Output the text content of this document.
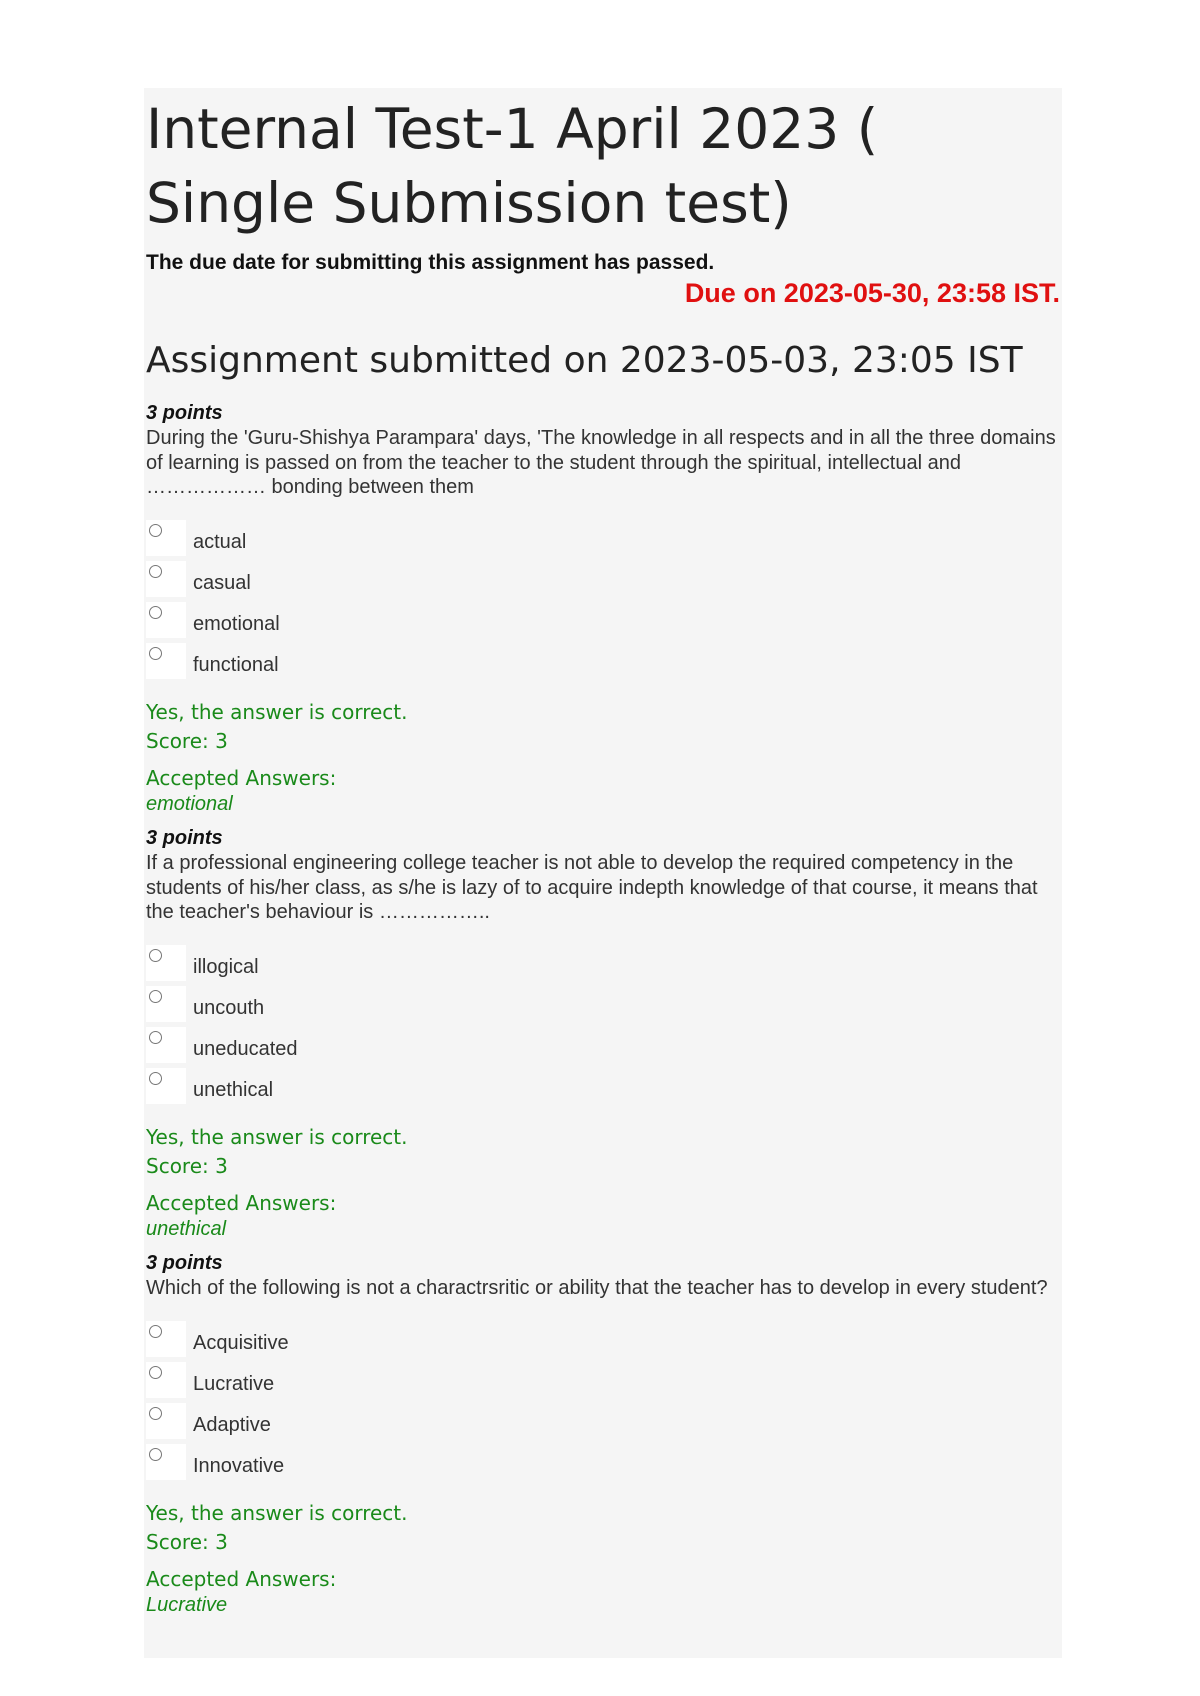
Internal Test-1 April 2023 ( Single Submission test)
The due date for submitting this assignment has passed.
Due on 2023-05-30, 23:58 IST.
Assignment submitted on 2023-05-03, 23:05 IST
3 points
During the 'Guru-Shishya Parampara' days, 'The knowledge in all respects and in all the three domains of learning is passed on from the teacher to the student through the spiritual, intellectual and ……………… bonding between them
actual
casual
emotional
functional
Yes, the answer is correct.
Score: 3
Accepted Answers:
emotional
3 points
If a professional engineering college teacher is not able to develop the required competency in the students of his/her class, as s/he is lazy of to acquire indepth knowledge of that course, it means that the teacher's behaviour is ……………..
illogical
uncouth
uneducated
unethical
Yes, the answer is correct.
Score: 3
Accepted Answers:
unethical
3 points
Which of the following is not a charactrsritic or ability that the teacher has to develop in every student?
Acquisitive
Lucrative
Adaptive
Innovative
Yes, the answer is correct.
Score: 3
Accepted Answers:
Lucrative
